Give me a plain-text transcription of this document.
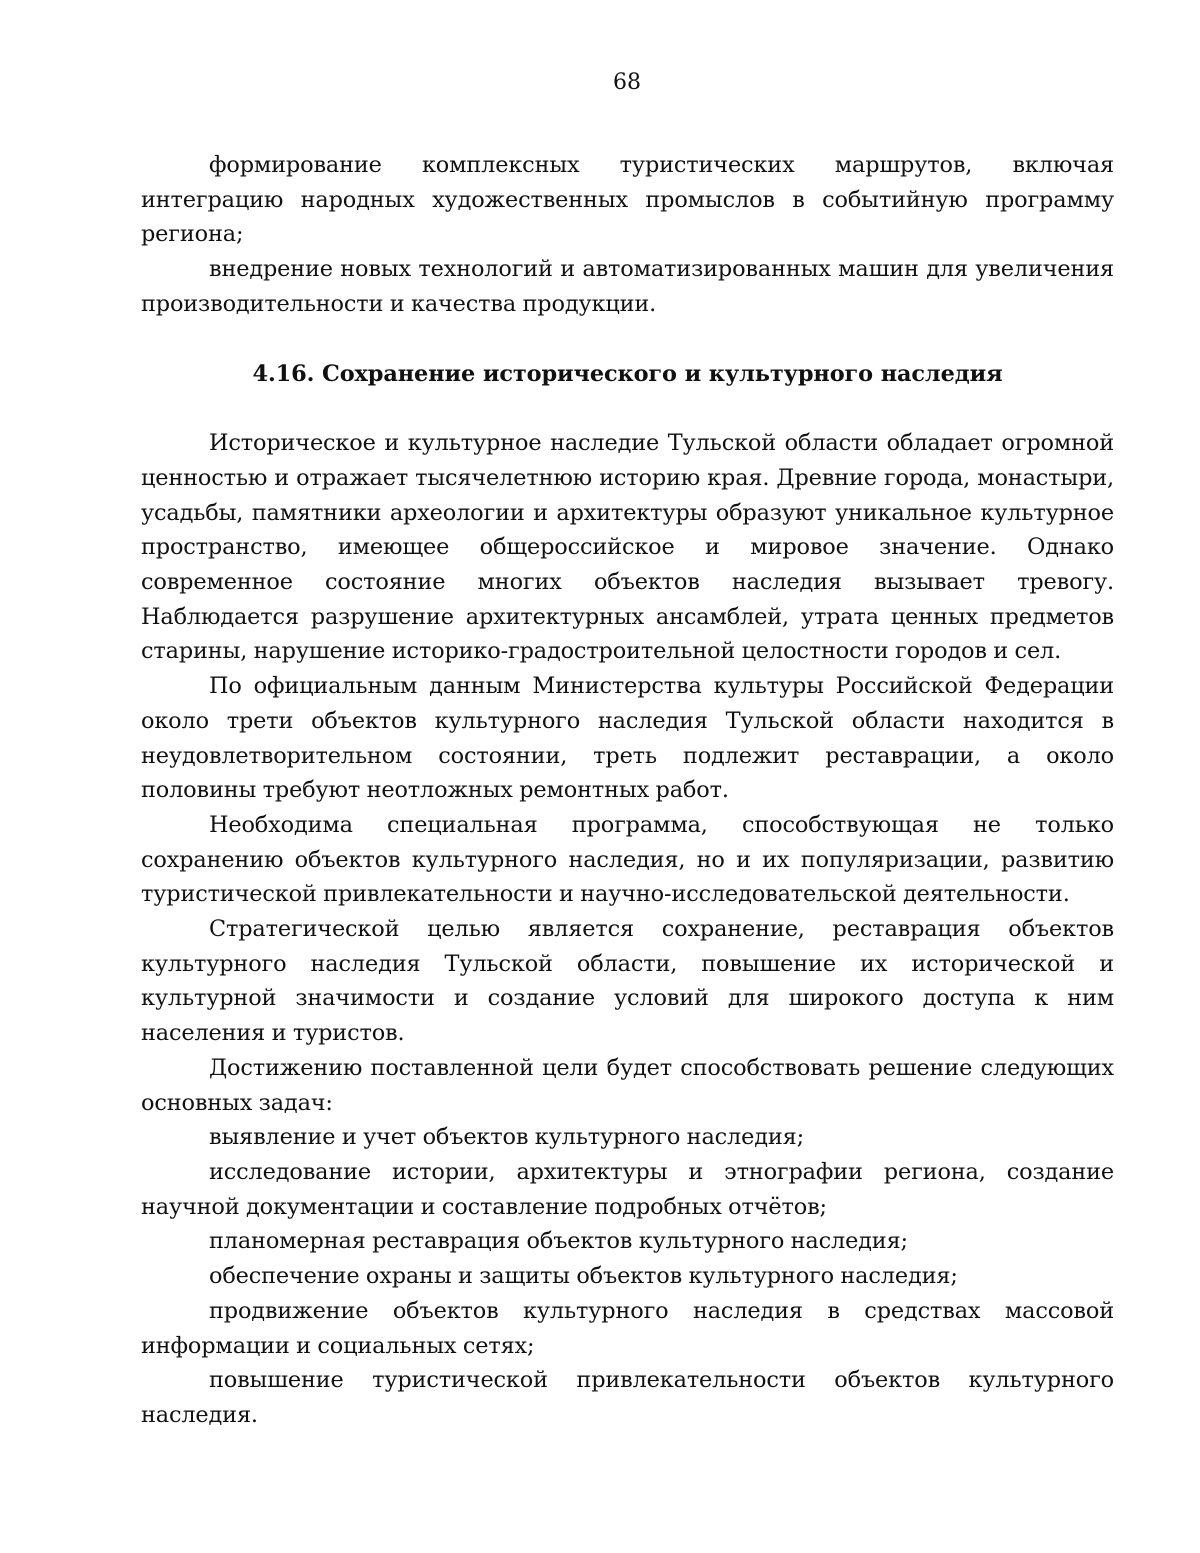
68

формирование комплексных туристических маршрутов, включая интеграцию народных художественных промыслов в событийную программу региона;

внедрение новых технологий и автоматизированных машин для увеличения производительности и качества продукции.

4.16. Сохранение исторического и культурного наследия

Историческое и культурное наследие Тульской области обладает огромной ценностью и отражает тысячелетнюю историю края. Древние города, монастыри, усадьбы, памятники археологии и архитектуры образуют уникальное культурное пространство, имеющее общероссийское и мировое значение. Однако современное состояние многих объектов наследия вызывает тревогу. Наблюдается разрушение архитектурных ансамблей, утрата ценных предметов старины, нарушение историко-градостроительной целостности городов и сел.

По официальным данным Министерства культуры Российской Федерации около трети объектов культурного наследия Тульской области находится в неудовлетворительном состоянии, треть подлежит реставрации, а около половины требуют неотложных ремонтных работ.

Необходима специальная программа, способствующая не только сохранению объектов культурного наследия, но и их популяризации, развитию туристической привлекательности и научно-исследовательской деятельности.

Стратегической целью является сохранение, реставрация объектов культурного наследия Тульской области, повышение их исторической и культурной значимости и создание условий для широкого доступа к ним населения и туристов.

Достижению поставленной цели будет способствовать решение следующих основных задач:

выявление и учет объектов культурного наследия;

исследование истории, архитектуры и этнографии региона, создание научной документации и составление подробных отчётов;

планомерная реставрация объектов культурного наследия;

обеспечение охраны и защиты объектов культурного наследия;

продвижение объектов культурного наследия в средствах массовой информации и социальных сетях;

повышение туристической привлекательности объектов культурного наследия.
